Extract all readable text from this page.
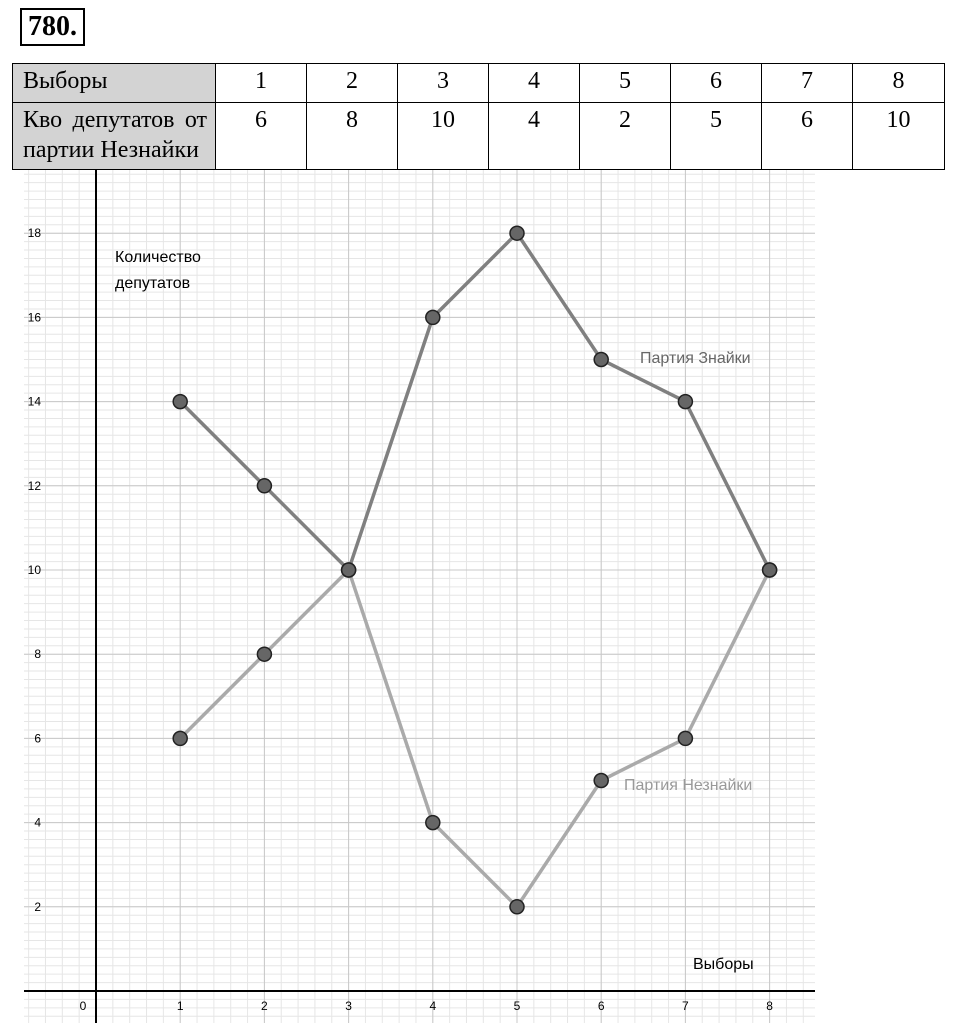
780.
Выборы	1	2	3	4	5	6	7	8
Кво депутатов от партии Незнайки	6	8	10	4	2	5	6	10
0	1	2	3	4	5	6	7	8
2
4
6
8
10
12
14
16
18
Количество
депутатов
Выборы
Партия Знайки
Партия Незнайки
